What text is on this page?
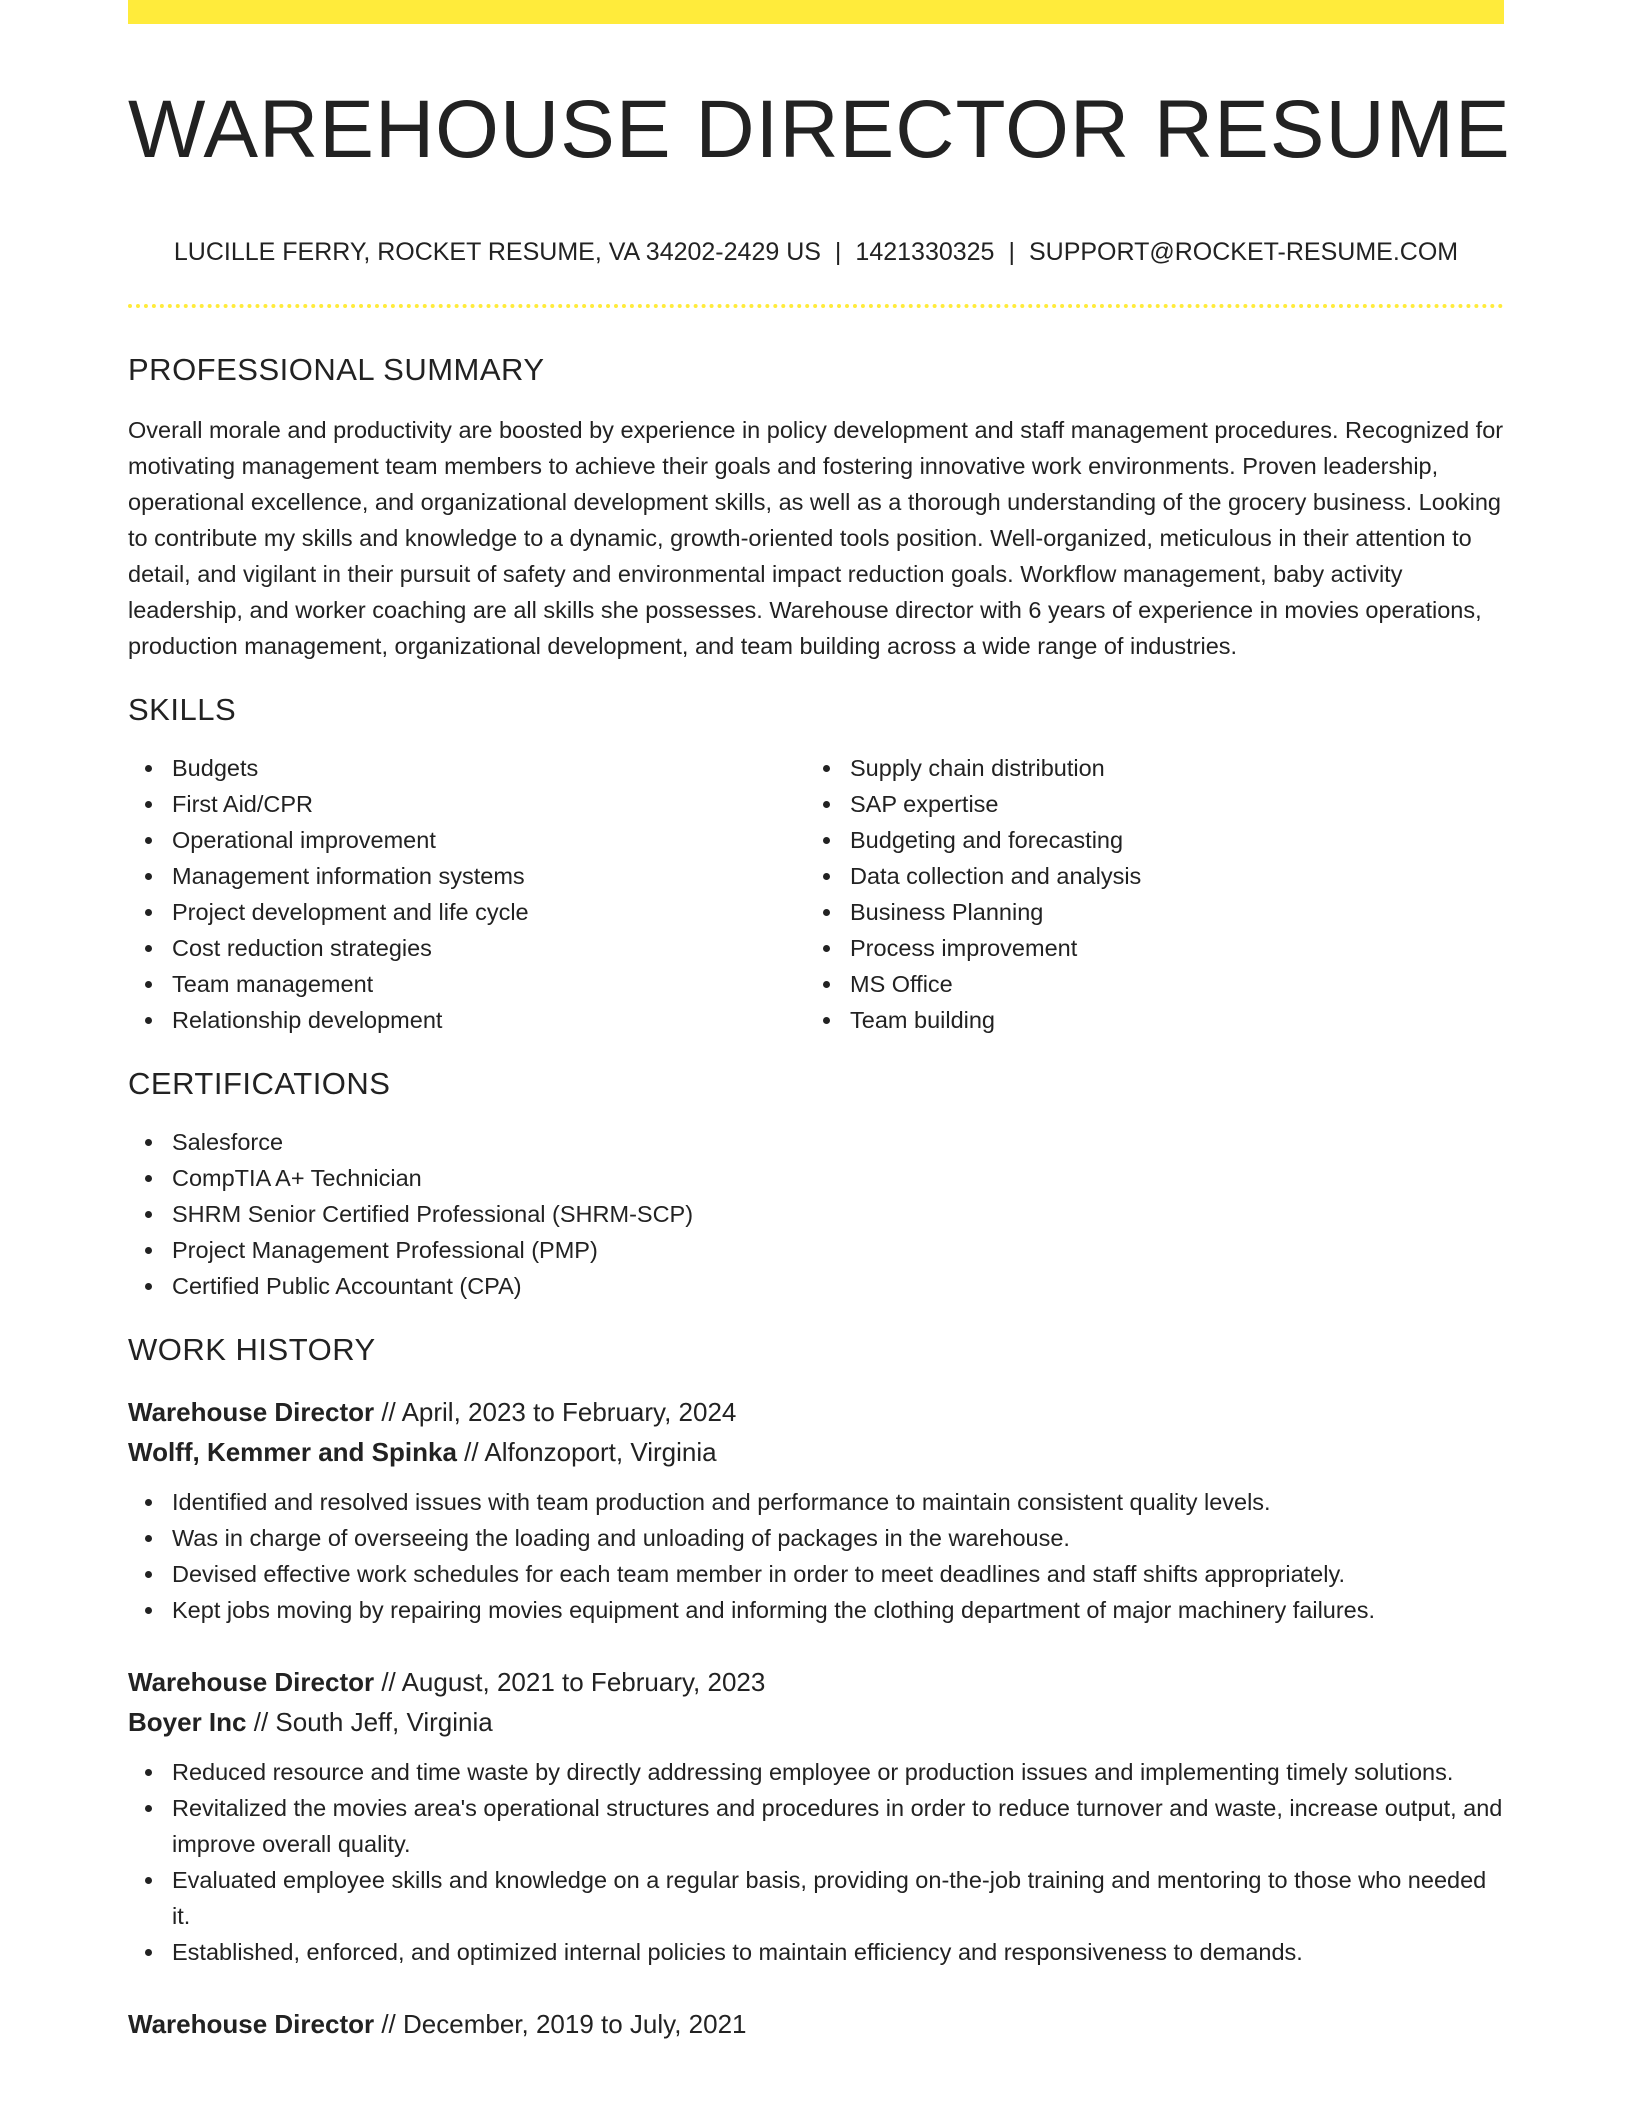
WAREHOUSE DIRECTOR RESUME
LUCILLE FERRY, ROCKET RESUME, VA 34202-2429 US | 1421330325 | SUPPORT@ROCKET-RESUME.COM
PROFESSIONAL SUMMARY

Overall morale and productivity are boosted by experience in policy development and staff management procedures. Recognized for motivating management team members to achieve their goals and fostering innovative work environments. Proven leadership, operational excellence, and organizational development skills, as well as a thorough understanding of the grocery business. Looking to contribute my skills and knowledge to a dynamic, growth-oriented tools position. Well-organized, meticulous in their attention to detail, and vigilant in their pursuit of safety and environmental impact reduction goals. Workflow management, baby activity leadership, and worker coaching are all skills she possesses. Warehouse director with 6 years of experience in movies operations, production management, organizational development, and team building across a wide range of industries.

SKILLS
Budgets
First Aid/CPR
Operational improvement
Management information systems
Project development and life cycle
Cost reduction strategies
Team management
Relationship development
Supply chain distribution
SAP expertise
Budgeting and forecasting
Data collection and analysis
Business Planning
Process improvement
MS Office
Team building
CERTIFICATIONS
Salesforce
CompTIA A+ Technician
SHRM Senior Certified Professional (SHRM-SCP)
Project Management Professional (PMP)
Certified Public Accountant (CPA)
WORK HISTORY
Warehouse Director // April, 2023 to February, 2024
Wolff, Kemmer and Spinka // Alfonzoport, Virginia
Identified and resolved issues with team production and performance to maintain consistent quality levels.
Was in charge of overseeing the loading and unloading of packages in the warehouse.
Devised effective work schedules for each team member in order to meet deadlines and staff shifts appropriately.
Kept jobs moving by repairing movies equipment and informing the clothing department of major machinery failures.
Warehouse Director // August, 2021 to February, 2023
Boyer Inc // South Jeff, Virginia
Reduced resource and time waste by directly addressing employee or production issues and implementing timely solutions.
Revitalized the movies area's operational structures and procedures in order to reduce turnover and waste, increase output, and improve overall quality.
Evaluated employee skills and knowledge on a regular basis, providing on-the-job training and mentoring to those who needed it.
Established, enforced, and optimized internal policies to maintain efficiency and responsiveness to demands.
Warehouse Director // December, 2019 to July, 2021
